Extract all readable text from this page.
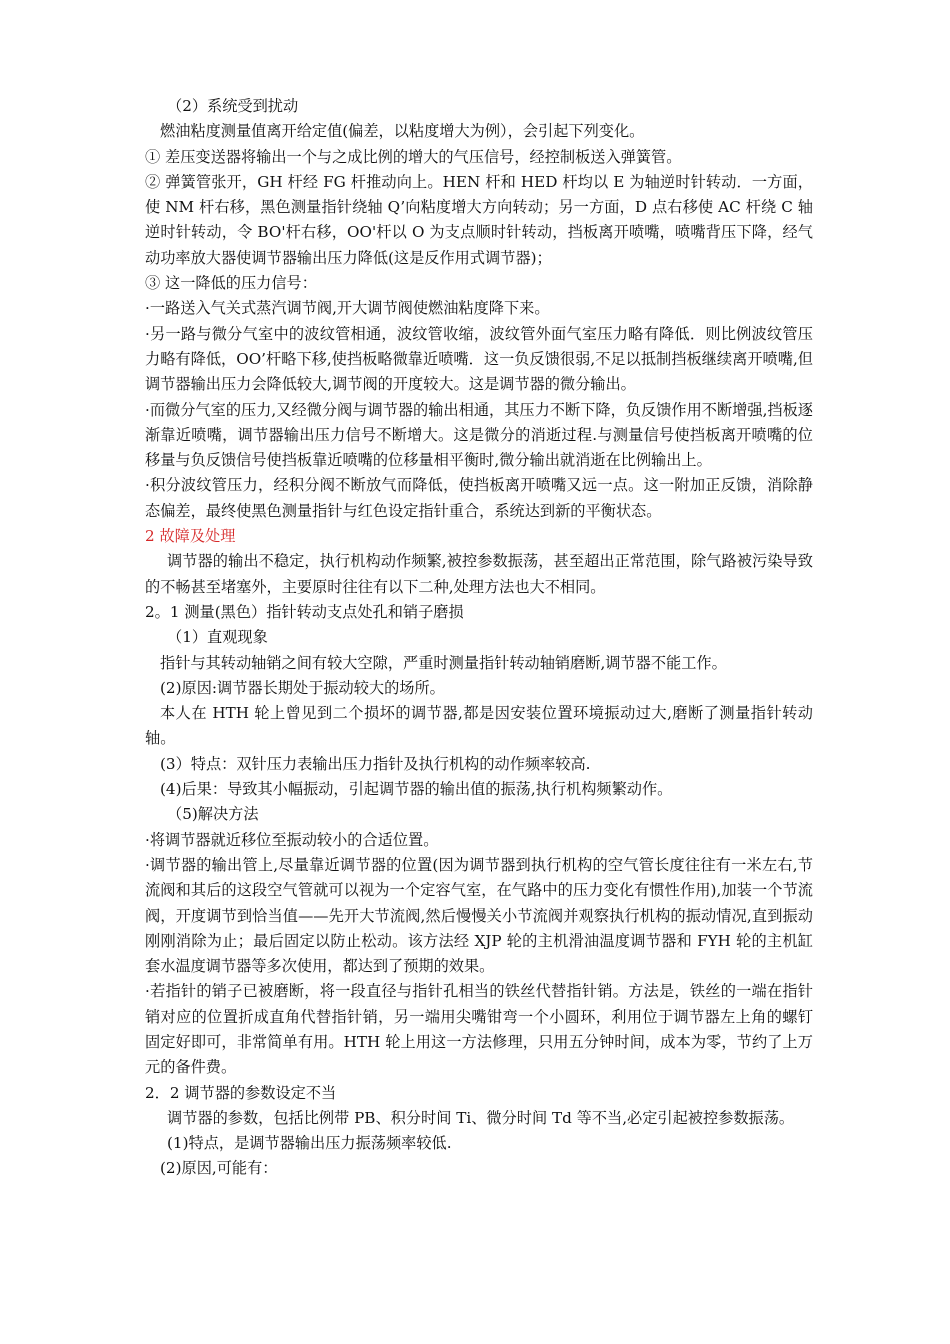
（2）系统受到扰动

燃油粘度测量值离开给定值(偏差，以粘度增大为例），会引起下列变化。

① 差压变送器将输出一个与之成比例的增大的气压信号，经控制板送入弹簧管。

② 弹簧管张开，GH 杆经 FG 杆推动向上。HEN 杆和 HED 杆均以 E 为轴逆时针转动．一方面，使 NM 杆右移，黑色测量指针绕轴 Q’向粘度增大方向转动；另一方面，D 点右移使 AC 杆绕 C 轴逆时针转动，令 BO'杆右移，OO'杆以 O 为支点顺时针转动，挡板离开喷嘴，喷嘴背压下降，经气动功率放大器使调节器输出压力降低(这是反作用式调节器)；

③ 这一降低的压力信号：

·一路送入气关式蒸汽调节阀,开大调节阀使燃油粘度降下来。

·另一路与微分气室中的波纹管相通，波纹管收缩，波纹管外面气室压力略有降低．则比例波纹管压力略有降低，OO’杆略下移,使挡板略微靠近喷嘴．这一负反馈很弱,不足以抵制挡板继续离开喷嘴,但调节器输出压力会降低较大,调节阀的开度较大。这是调节器的微分输出。

·而微分气室的压力,又经微分阀与调节器的输出相通，其压力不断下降，负反馈作用不断增强,挡板逐渐靠近喷嘴，调节器输出压力信号不断增大。这是微分的消逝过程.与测量信号使挡板离开喷嘴的位移量与负反馈信号使挡板靠近喷嘴的位移量相平衡时,微分输出就消逝在比例输出上。

·积分波纹管压力，经积分阀不断放气而降低，使挡板离开喷嘴又远一点。这一附加正反馈，消除静态偏差，最终使黑色测量指针与红色设定指针重合，系统达到新的平衡状态。

2 故障及处理

调节器的输出不稳定，执行机构动作频繁,被控参数振荡，甚至超出正常范围，除气路被污染导致的不畅甚至堵塞外，主要原时往往有以下二种,处理方法也大不相同。

2。1 测量(黑色）指针转动支点处孔和销子磨损

（1）直观现象

指针与其转动轴销之间有较大空隙，严重时测量指针转动轴销磨断,调节器不能工作。

(2)原因:调节器长期处于振动较大的场所。

本人在 HTH 轮上曾见到二个损坏的调节器,都是因安装位置环境振动过大,磨断了测量指针转动轴。

(3）特点：双针压力表输出压力指针及执行机构的动作频率较高.

(4)后果：导致其小幅振动，引起调节器的输出值的振荡,执行机构频繁动作。

（5)解决方法

·将调节器就近移位至振动较小的合适位置。

·调节器的输出管上,尽量靠近调节器的位置(因为调节器到执行机构的空气管长度往往有一米左右,节流阀和其后的这段空气管就可以视为一个定容气室，在气路中的压力变化有惯性作用),加装一个节流阀，开度调节到恰当值——先开大节流阀,然后慢慢关小节流阀并观察执行机构的振动情况,直到振动刚刚消除为止；最后固定以防止松动。该方法经 XJP 轮的主机滑油温度调节器和 FYH 轮的主机缸套水温度调节器等多次使用，都达到了预期的效果。

·若指针的销子已被磨断，将一段直径与指针孔相当的铁丝代替指针销。方法是，铁丝的一端在指针销对应的位置折成直角代替指针销，另一端用尖嘴钳弯一个小圆环，利用位于调节器左上角的螺钉固定好即可，非常简单有用。HTH 轮上用这一方法修理，只用五分钟时间，成本为零，节约了上万元的备件费。

2．2 调节器的参数设定不当

调节器的参数，包括比例带 PB、积分时间 Ti、微分时间 Td 等不当,必定引起被控参数振荡。

(1)特点，是调节器输出压力振荡频率较低.

(2)原因,可能有：
